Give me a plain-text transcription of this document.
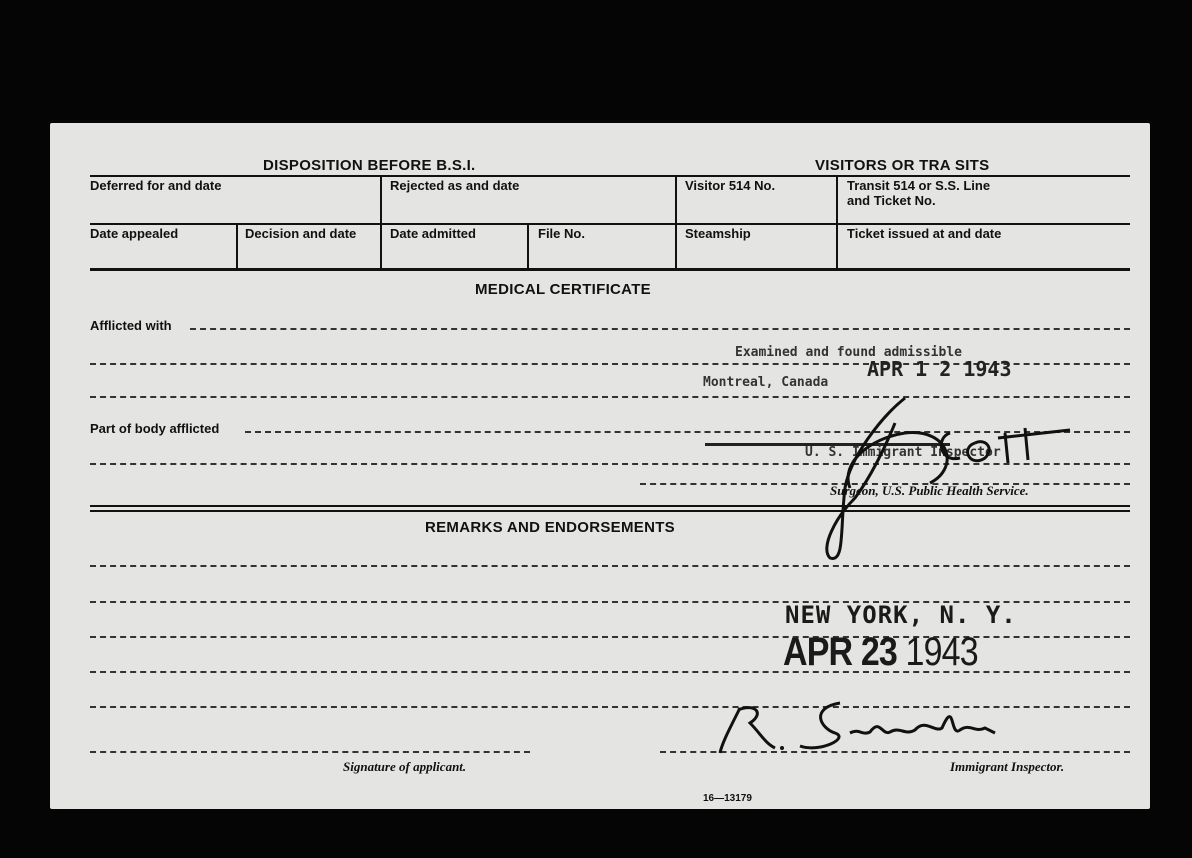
DISPOSITION BEFORE B.S.I.	VISITORS OR TRA SITS
Deferred for and date	Rejected as and date	Visitor 514 No.	Transit 514 or S.S. Line
and Ticket No.
Date appealed	Decision and date	Date admitted	File No.	Steamship	Ticket issued at and date
MEDICAL CERTIFICATE
Afflicted with
Part of body afflicted
Surgeon, U.S. Public Health Service.
REMARKS AND ENDORSEMENTS
Signature of applicant.	Immigrant Inspector.
16—13179
Examined and found admissible
Montreal, Canada
APR 1 2 1943
U. S. Immigrant Inspector
NEW YORK, N. Y.
APR 23 1943
